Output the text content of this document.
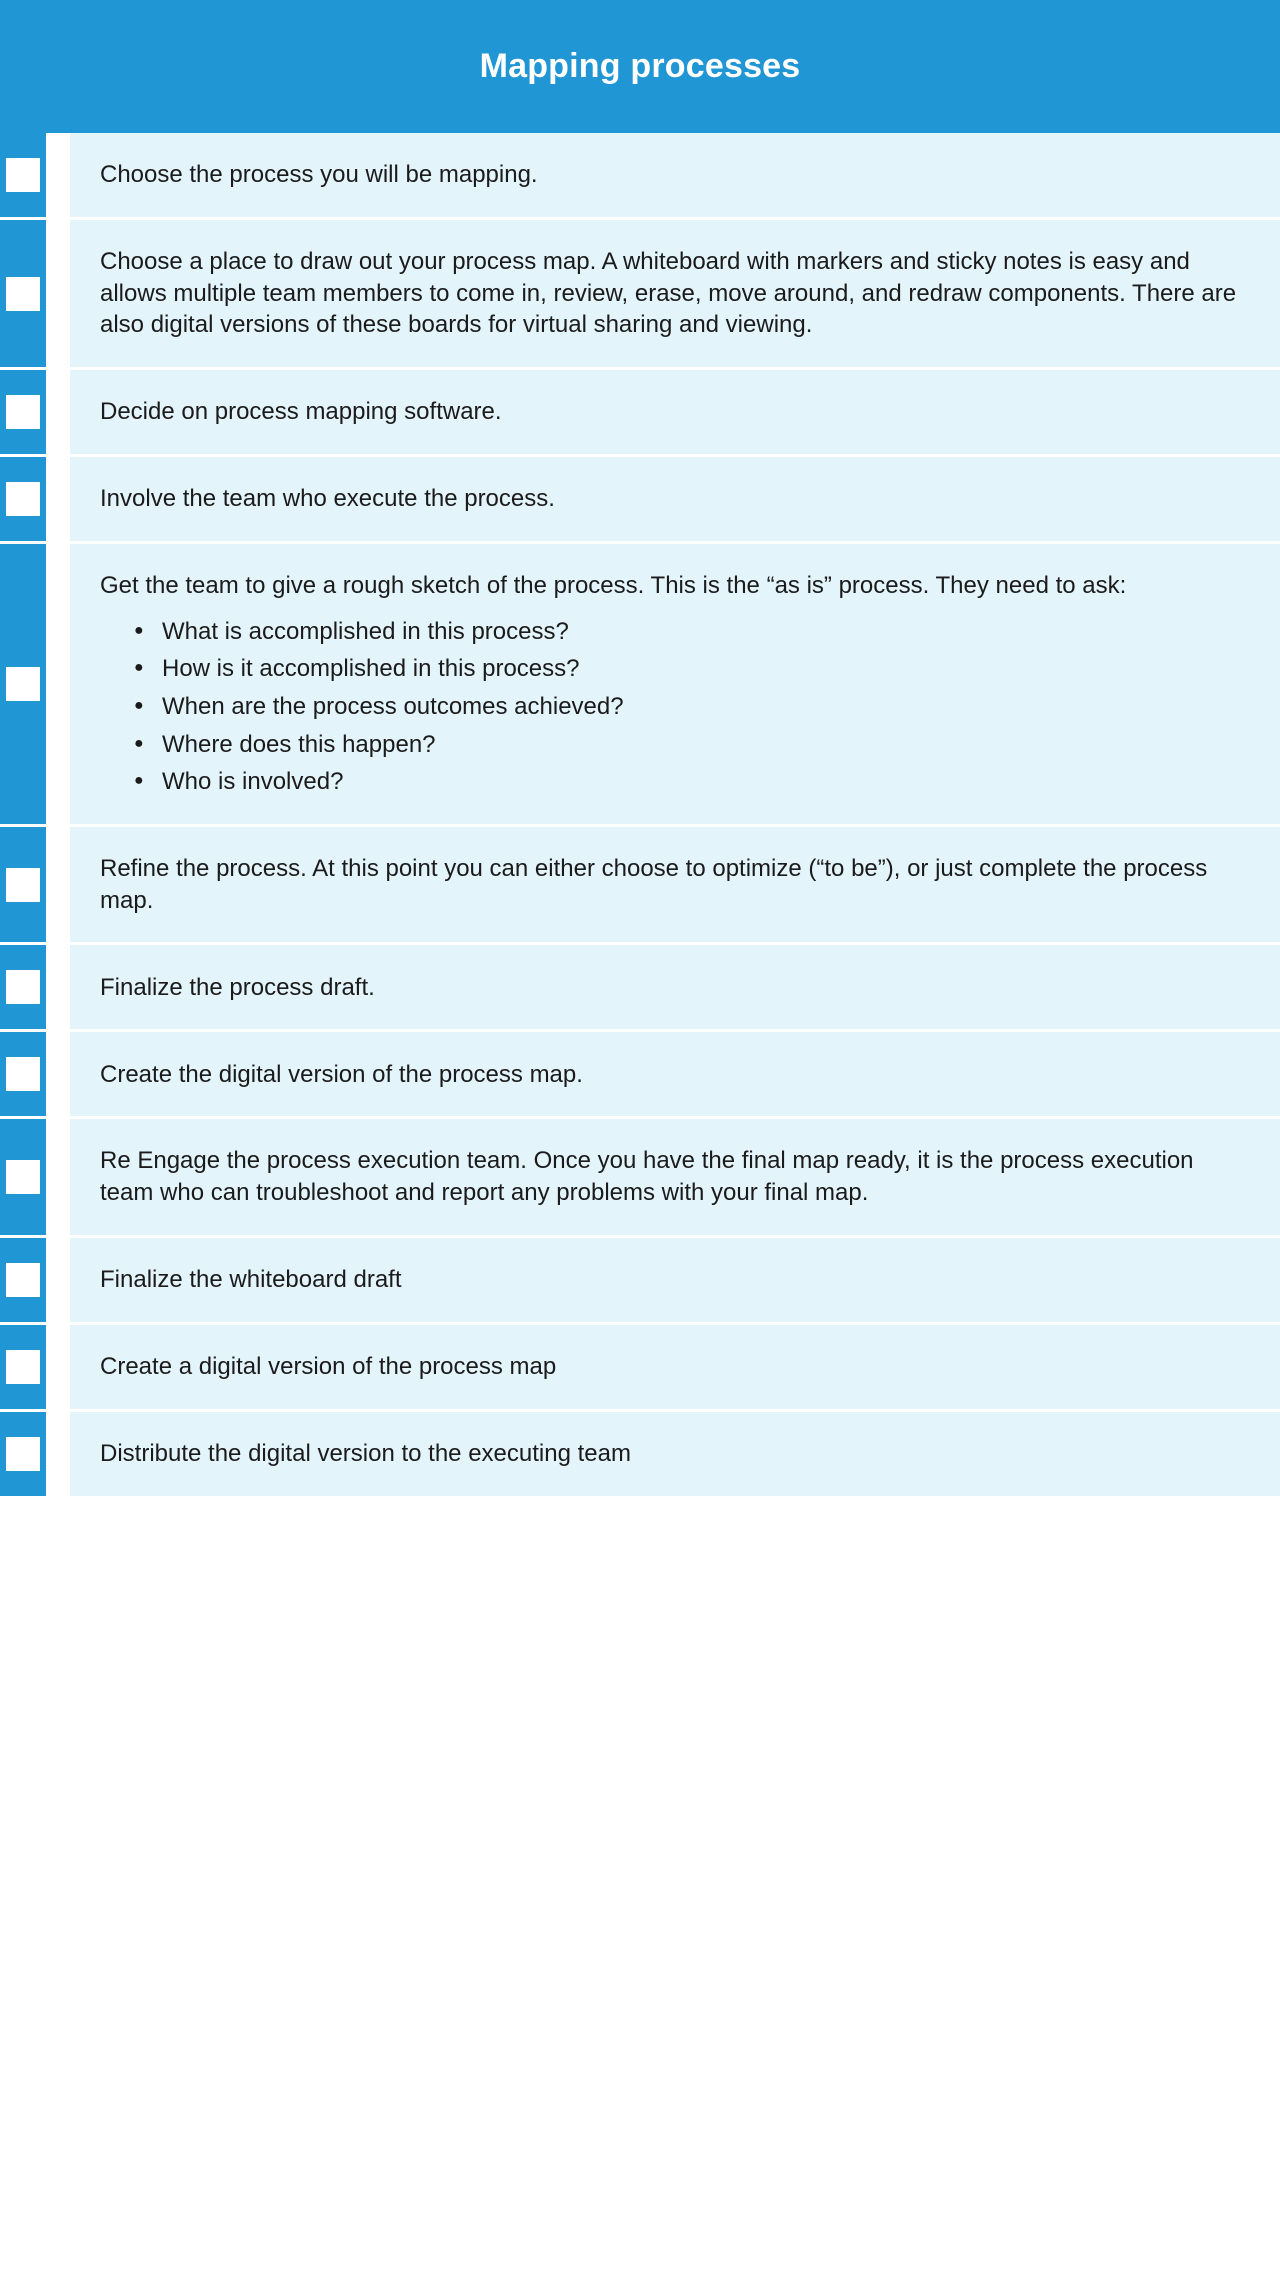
Mapping processes
Choose the process you will be mapping.
Choose a place to draw out your process map. A whiteboard with markers and sticky notes is easy and allows multiple team members to come in, review, erase, move around, and redraw components. There are also digital versions of these boards for virtual sharing and viewing.
Decide on process mapping software.
Involve the team who execute the process.
Get the team to give a rough sketch of the process. This is the “as is” process. They need to ask:
● What is accomplished in this process?
● How is it accomplished in this process?
● When are the process outcomes achieved?
● Where does this happen?
● Who is involved?
Refine the process. At this point you can either choose to optimize (“to be”), or just complete the process map.
Finalize the process draft.
Create the digital version of the process map.
Re Engage the process execution team. Once you have the final map ready, it is the process execution team who can troubleshoot and report any problems with your final map.
Finalize the whiteboard draft
Create a digital version of the process map
Distribute the digital version to the executing team
